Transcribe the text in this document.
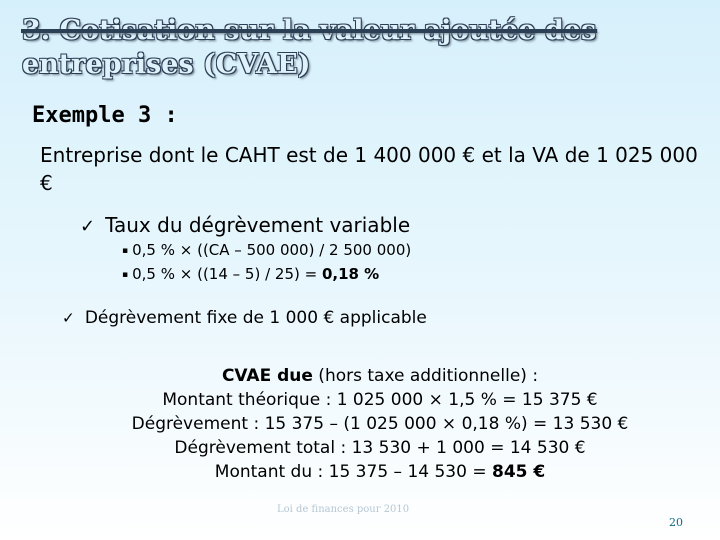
3. Cotisation sur la valeur ajoutée des
entreprises (CVAE)
Exemple 3 :
Entreprise dont le CAHT est de 1 400 000 € et la VA de 1 025 000 €
✓ Taux du dégrèvement variable
▪ 0,5 % × ((CA – 500 000) / 2 500 000)
▪ 0,5 % × ((14 – 5) / 25) = 0,18 %
✓ Dégrèvement fixe de 1 000 € applicable
CVAE due (hors taxe additionnelle) :
Montant théorique : 1 025 000 × 1,5 % = 15 375 €
Dégrèvement : 15 375 – (1 025 000 × 0,18 %) = 13 530 €
Dégrèvement total : 13 530 + 1 000 = 14 530 €
Montant du : 15 375 – 14 530 = 845 €
Loi de finances pour 2010
20
